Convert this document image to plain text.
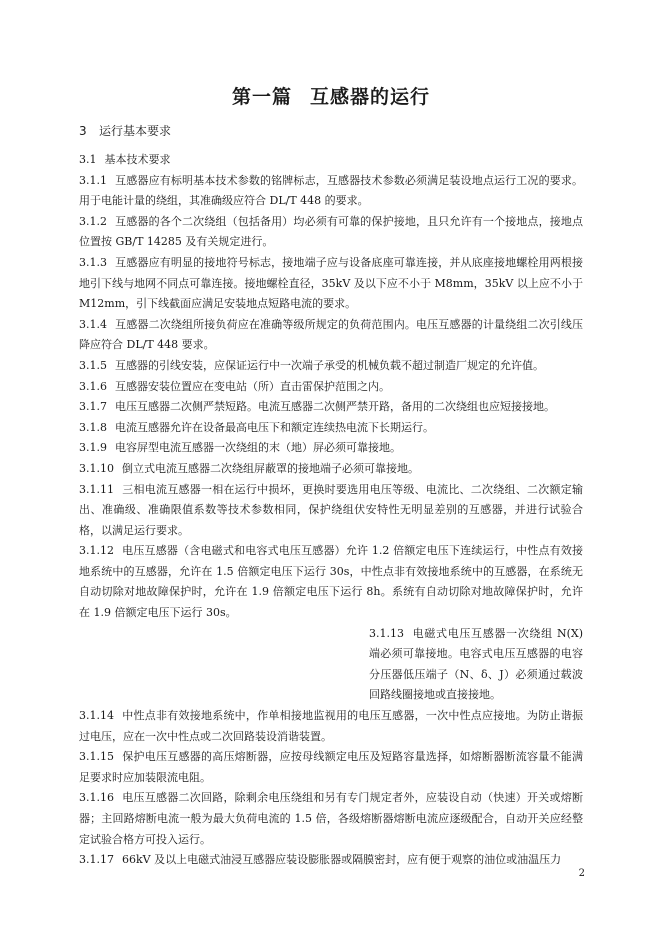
第一篇 互感器的运行
3 运行基本要求

3.1 基本技术要求

3.1.1 互感器应有标明基本技术参数的铭牌标志，互感器技术参数必须满足装设地点运行工况的要求。用于电能计量的绕组，其准确级应符合 DL/T 448 的要求。

3.1.2 互感器的各个二次绕组（包括备用）均必须有可靠的保护接地，且只允许有一个接地点，接地点位置按 GB/T 14285 及有关规定进行。

3.1.3 互感器应有明显的接地符号标志，接地端子应与设备底座可靠连接，并从底座接地螺栓用两根接地引下线与地网不同点可靠连接。接地螺栓直径，35kV 及以下应不小于 M8mm，35kV 以上应不小于 M12mm，引下线截面应满足安装地点短路电流的要求。

3.1.4 互感器二次绕组所接负荷应在准确等级所规定的负荷范围内。电压互感器的计量绕组二次引线压降应符合 DL/T 448 要求。

3.1.5 互感器的引线安装，应保证运行中一次端子承受的机械负载不超过制造厂规定的允许值。

3.1.6 互感器安装位置应在变电站（所）直击雷保护范围之内。

3.1.7 电压互感器二次侧严禁短路。电流互感器二次侧严禁开路，备用的二次绕组也应短接接地。

3.1.8 电流互感器允许在设备最高电压下和额定连续热电流下长期运行。

3.1.9 电容屏型电流互感器一次绕组的末（地）屏必须可靠接地。

3.1.10 倒立式电流互感器二次绕组屏蔽罩的接地端子必须可靠接地。

3.1.11 三相电流互感器一相在运行中损坏，更换时要选用电压等级、电流比、二次绕组、二次额定输出、准确级、准确限值系数等技术参数相同，保护绕组伏安特性无明显差别的互感器，并进行试验合格，以满足运行要求。

3.1.12 电压互感器（含电磁式和电容式电压互感器）允许 1.2 倍额定电压下连续运行，中性点有效接地系统中的互感器，允许在 1.5 倍额定电压下运行 30s，中性点非有效接地系统中的互感器，在系统无自动切除对地故障保护时，允许在 1.9 倍额定电压下运行 8h。系统有自动切除对地故障保护时，允许在 1.9 倍额定电压下运行 30s。

3.1.13 电磁式电压互感器一次绕组 N(X) 端必须可靠接地。电容式电压互感器的电容分压器低压端子（N、δ、J）必须通过载波回路线圈接地或直接接地。

3.1.14 中性点非有效接地系统中，作单相接地监视用的电压互感器，一次中性点应接地。为防止谐振过电压，应在一次中性点或二次回路装设消谐装置。

3.1.15 保护电压互感器的高压熔断器，应按母线额定电压及短路容量选择，如熔断器断流容量不能满足要求时应加装限流电阻。

3.1.16 电压互感器二次回路，除剩余电压绕组和另有专门规定者外，应装设自动（快速）开关或熔断器；主回路熔断电流一般为最大负荷电流的 1.5 倍，各级熔断器熔断电流应逐级配合，自动开关应经整定试验合格方可投入运行。

3.1.17 66kV 及以上电磁式油浸互感器应装设膨胀器或隔膜密封，应有便于观察的油位或油温压力

2
